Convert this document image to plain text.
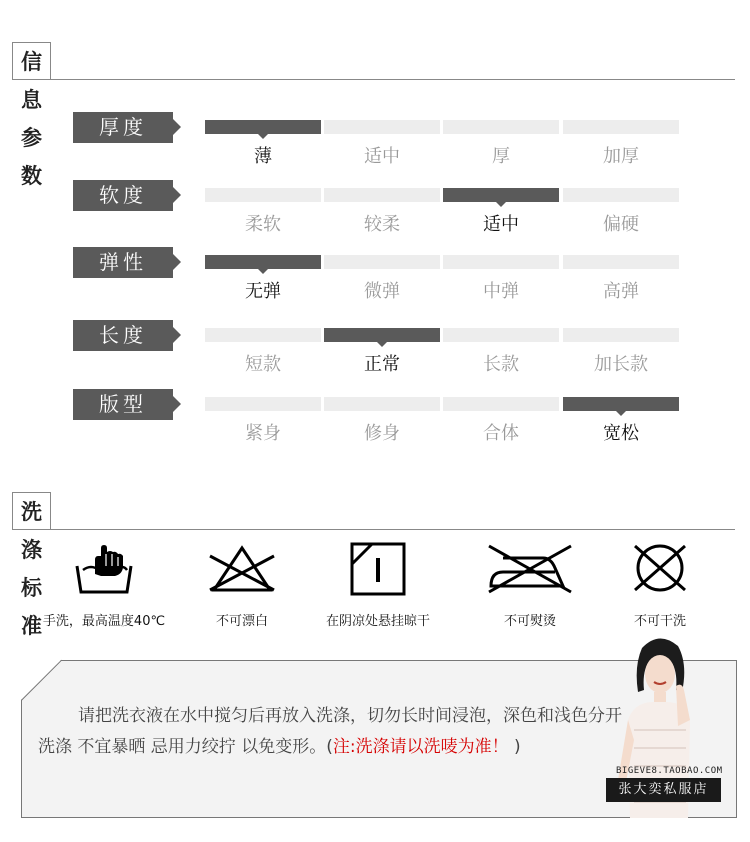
信息参数
厚度
薄	适中	厚	加厚
软度
柔软	较柔	适中	偏硬
弹性
无弹	微弹	中弹	高弹
长度
短款	正常	长款	加长款
版型
紧身	修身	合体	宽松
洗涤标准 手洗，最高温度40℃	不可漂白	在阴凉处悬挂晾干	不可熨烫	不可干洗
请把洗衣液在水中搅匀后再放入洗涤，切勿长时间浸泡，深色和浅色分开洗涤 不宜暴晒 忌用力绞拧 以免变形。(注:洗涤请以洗唛为准！ )
BIGEVE8.TAOBAO.COM
张大奕私服店
